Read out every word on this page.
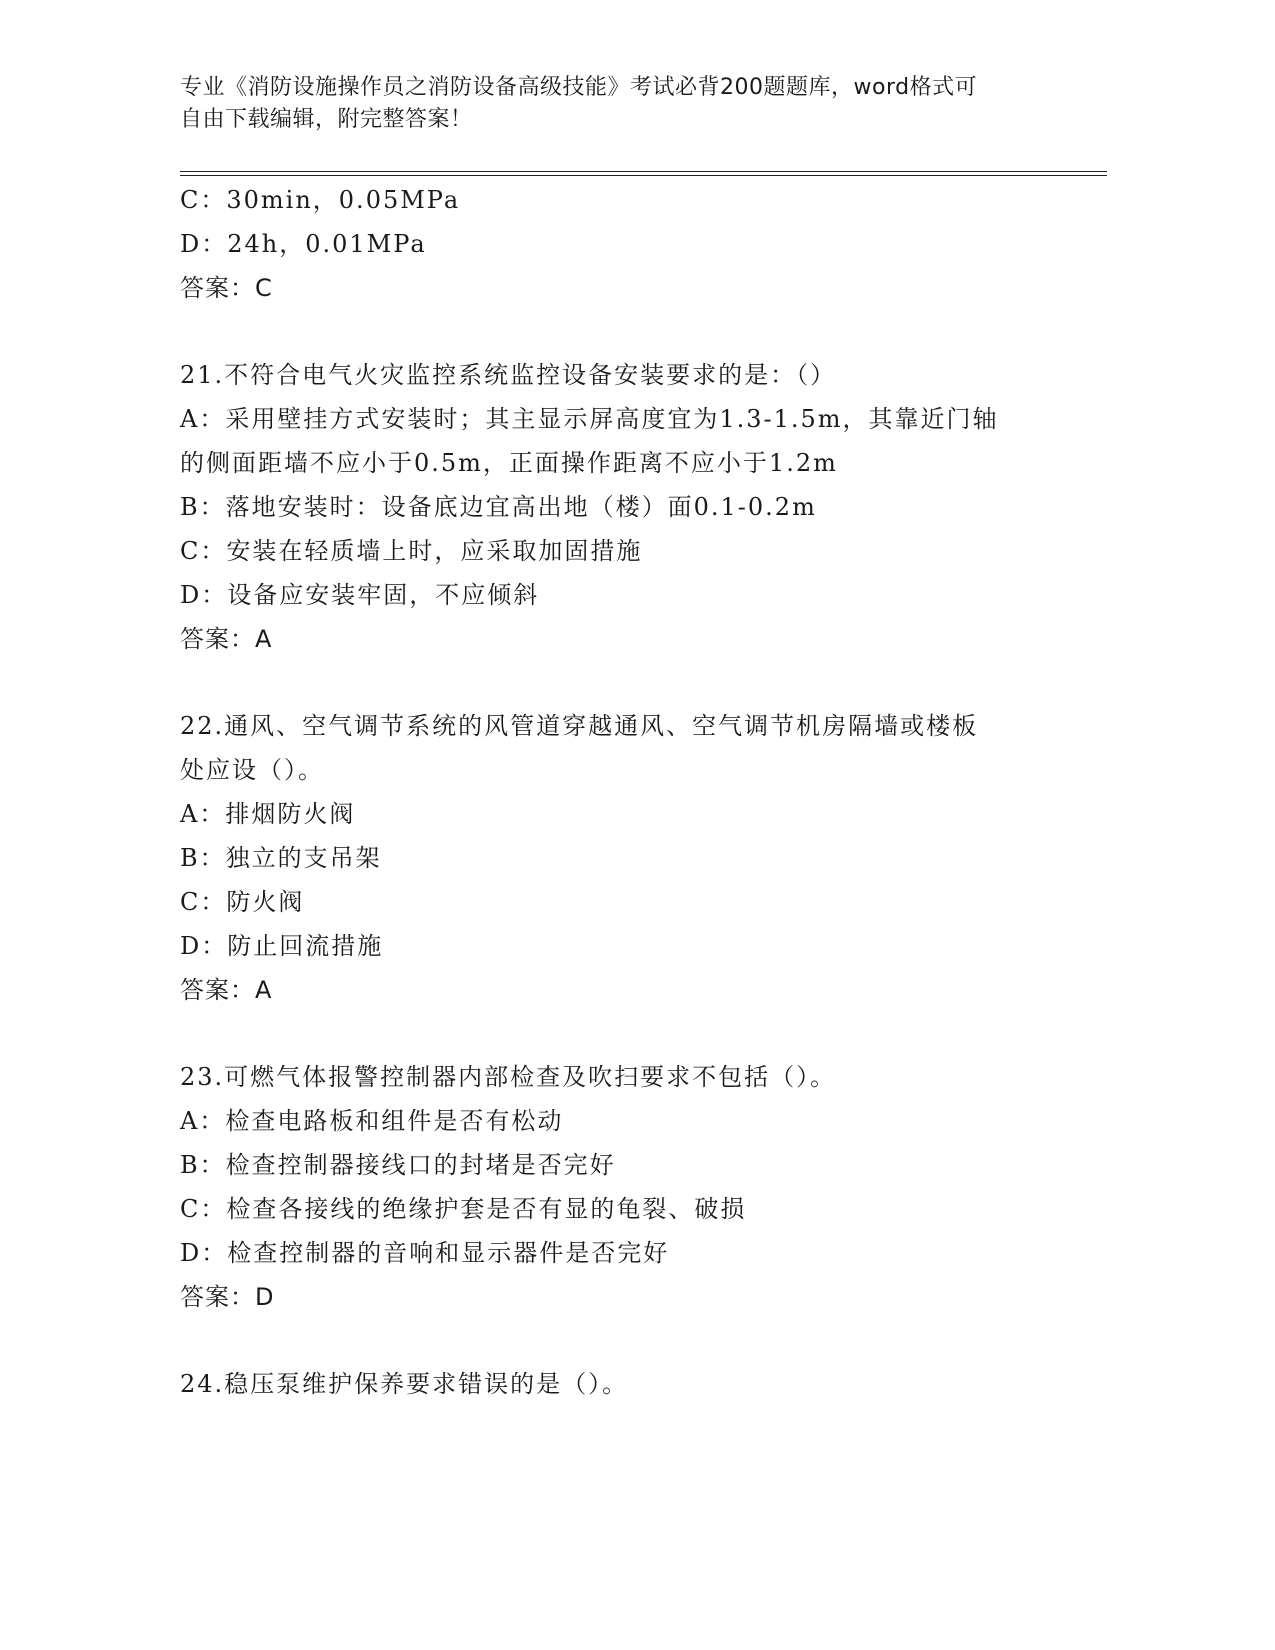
专业《消防设施操作员之消防设备高级技能》考试必背200题题库，word格式可
自由下载编辑，附完整答案！
C：30min，0.05MPa
D：24h，0.01MPa
答案：C
21.不符合电气火灾监控系统监控设备安装要求的是：（）
A：采用壁挂方式安装时；其主显示屏高度宜为1.3-1.5m，其靠近门轴
的侧面距墙不应小于0.5m，正面操作距离不应小于1.2m
B：落地安装时：设备底边宜高出地（楼）面0.1-0.2m
C：安装在轻质墙上时，应采取加固措施
D：设备应安装牢固，不应倾斜
答案：A
22.通风、空气调节系统的风管道穿越通风、空气调节机房隔墙或楼板
处应设（）。
A：排烟防火阀
B：独立的支吊架
C：防火阀
D：防止回流措施
答案：A
23.可燃气体报警控制器内部检查及吹扫要求不包括（）。
A：检查电路板和组件是否有松动
B：检查控制器接线口的封堵是否完好
C：检查各接线的绝缘护套是否有显的龟裂、破损
D：检查控制器的音响和显示器件是否完好
答案：D
24.稳压泵维护保养要求错误的是（）。
